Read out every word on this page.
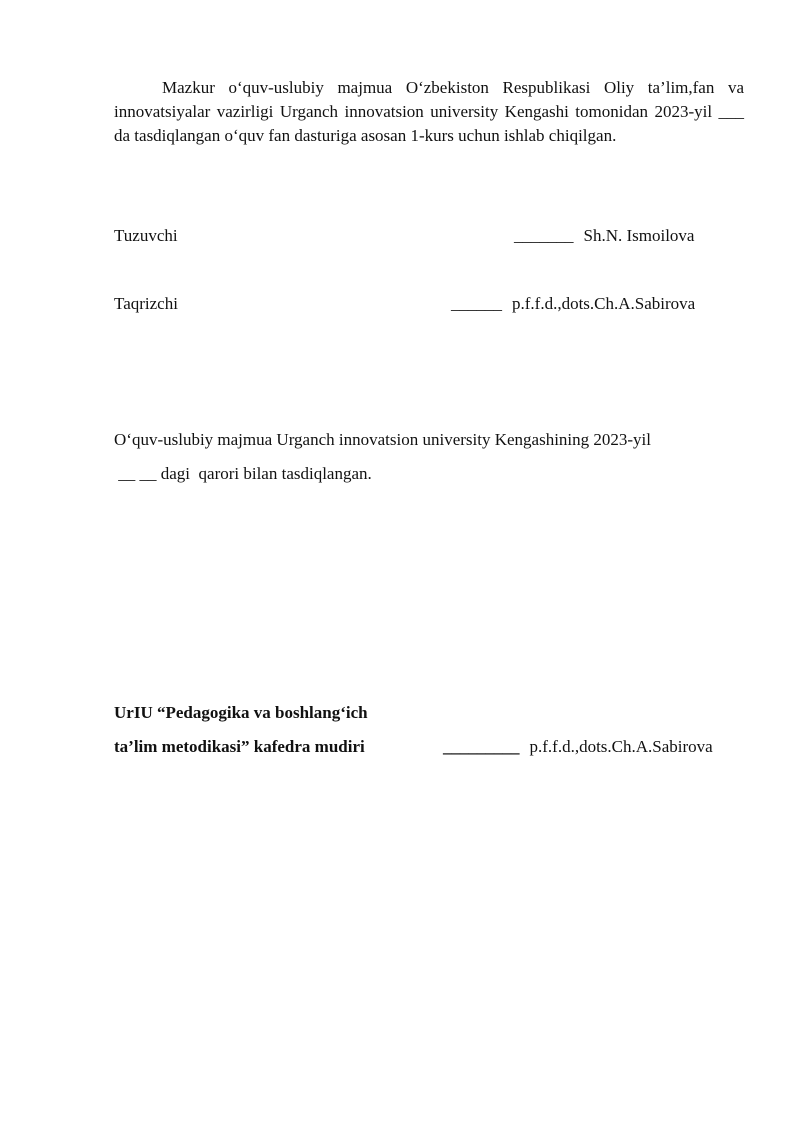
Mazkur o‘quv-uslubiy majmua O‘zbekiston Respublikasi Oliy ta’lim,fan va innovatsiyalar vazirligi Urganch innovatsion university Kengashi tomonidan 2023-yil ___ da tasdiqlangan o‘quv fan dasturiga asosan 1-kurs uchun ishlab chiqilgan.

Tuzuvchi	_______ Sh.N. Ismoilova

Taqrizchi	______ p.f.f.d.,dots.Ch.A.Sabirova

O‘quv-uslubiy majmua Urganch innovatsion university Kengashining 2023-yil

__ __ dagi  qarori bilan tasdiqlangan.

UrIU “Pedagogika va boshlang‘ich

ta’lim metodikasi” kafedra mudiri	_________ p.f.f.d.,dots.Ch.A.Sabirova
